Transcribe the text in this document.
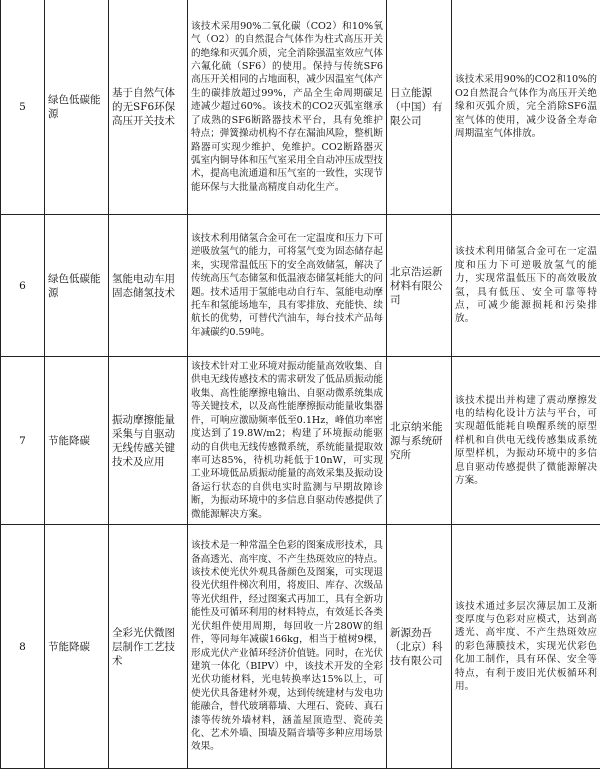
5	绿色低碳能源	基于自然气体的无SF6环保高压开关技术	该技术采用90%二氧化碳（CO2）和10%氧气（O2）的自然混合气体作为柱式高压开关的绝缘和灭弧介质，完全消除强温室效应气体六氟化硫（SF6）的使用。保持与传统SF6高压开关相同的占地面积，减少因温室气体产生的碳排放超过99%，产品全生命周期碳足迹减少超过60%。该技术的CO2灭弧室继承了成熟的SF6断路器技术平台，具有免维护特点；弹簧操动机构不存在漏油风险，整机断路器可实现少维护、免维护。CO2断路器灭弧室内铜导体和压气室采用全自动冲压成型技术，提高电流通道和压气室的一致性，实现节能环保与大批量高精度自动化生产。	日立能源（中国）有限公司	该技术采用90%的CO2和10%的O2自然混合气体作为高压开关绝缘和灭弧介质，完全消除SF6温室气体的使用，减少设备全寿命周期温室气体排放。
6	绿色低碳能源	氢能电动车用固态储氢技术	该技术利用储氢合金可在一定温度和压力下可逆吸放氢气的能力，可将氢气变为固态储存起来，实现常温低压下的安全高效储氢，解决了传统高压气态储氢和低温液态储氢耗能大的问题。技术适用于氢能电动自行车、氢能电动摩托车和氢能场地车，具有零排放、充能快、续航长的优势，可替代汽油车，每台技术产品每年减碳约0.59吨。	北京浩运新材料有限公司	该技术利用储氢合金可在一定温度和压力下可逆吸放氢气的能力，实现常温低压下的高效吸放氢，具有低压、安全可靠等特点，可减少能源损耗和污染排放。
7	节能降碳	振动摩擦能量采集与自驱动无线传感关键技术及应用	该技术针对工业环境对振动能量高效收集、自供电无线传感技术的需求研发了低品质振动能收集、高性能摩擦电输出、自驱动微系统集成等关键技术，以及高性能摩擦振动能量收集器件，可响应激励频率低至0.1Hz，峰值功率密度达到了19.8W/m2；构建了环境振动能驱动的自供电无线传感微系统，系统能量提取效率可达85%，待机功耗低于10nW，可实现工业环境低品质振动能量的高效采集及振动设备运行状态的自供电实时监测与早期故障诊断，为振动环境中的多信息自驱动传感提供了微能源解决方案。	北京纳米能源与系统研究所	该技术提出并构建了震动摩擦发电的结构化设计方法与平台，可实现超低能耗自唤醒系统的原型样机和自供电无线传感集成系统原型样机，为振动环境中的多信息自驱动传感提供了微能源解决方案。
8	节能降碳	全彩光伏微图层制作工艺技术	该技术是一种常温全色彩的图案成形技术，具备高透光、高牢度、不产生热斑效应的特点。该技术使光伏外观具备颜色及图案，可实现退役光伏组件梯次利用，将废旧、库存、次级品等光伏组件，经过图案式再加工，具有全新功能性及可循环利用的材料特点，有效延长各类光伏组件使用周期，每回收一片280W的组件，等同每年减碳166kg，相当于植树9棵，形成光伏产业循环经济价值链。同时，在光伏建筑一体化（BIPV）中，该技术开发的全彩光伏功能材料，光电转换率达15%以上，可使光伏具备建材外观，达到传统建材与发电功能融合，替代玻璃幕墙、大理石、瓷砖、真石漆等传统外墙材料，涵盖屋顶造型、瓷砖美化、艺术外墙、围墙及隔音墙等多种应用场景效果。	新源劲吾（北京）科技有限公司	该技术通过多层次薄层加工及渐变厚度与色彩对应模式，达到高透光、高牢度、不产生热斑效应的彩色薄膜技术，实现光伏彩色化加工制作，具有环保、安全等特点，有利于废旧光伏板循环利用。
